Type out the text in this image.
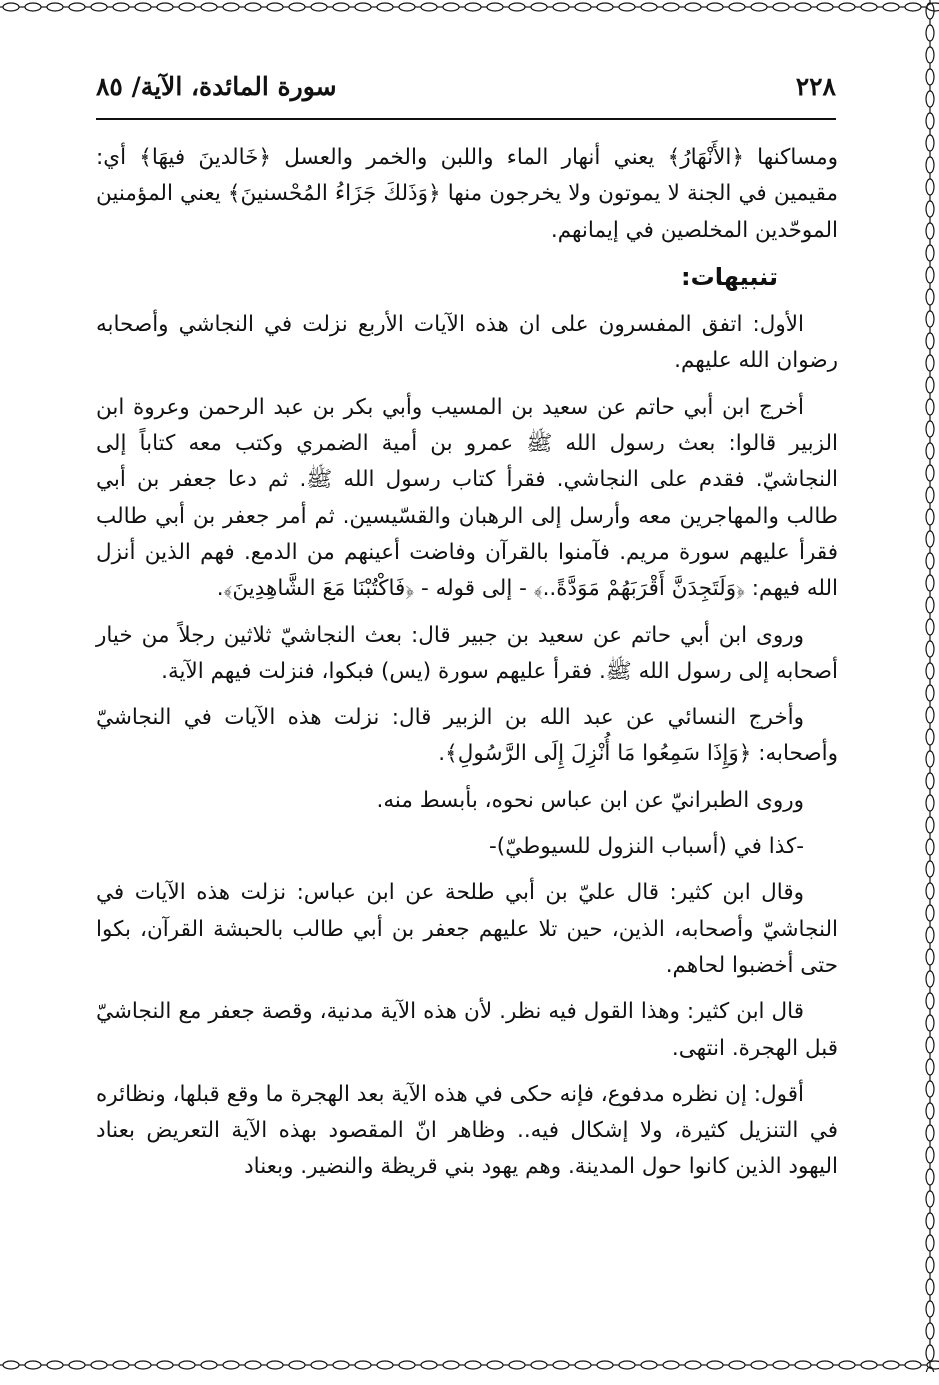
٢٢٨
سورة المائدة، الآية/ ٨٥

ومساكنها ﴿الأَنْهَارُ﴾ يعني أنهار الماء واللبن والخمر والعسل ﴿خَالدينَ فيهَا﴾ أي: مقيمين في الجنة لا يموتون ولا يخرجون منها ﴿وَذَلكَ جَزَاءُ المُحْسنينَ﴾ يعني المؤمنين الموحّدين المخلصين في إيمانهم.

تنبيهات:

الأول: اتفق المفسرون على ان هذه الآيات الأربع نزلت في النجاشي وأصحابه رضوان الله عليهم.

أخرج ابن أبي حاتم عن سعيد بن المسيب وأبي بكر بن عبد الرحمن وعروة ابن الزبير قالوا: بعث رسول الله ﷺ عمرو بن أمية الضمري وكتب معه كتاباً إلى النجاشيّ. فقدم على النجاشي. فقرأ كتاب رسول الله ﷺ. ثم دعا جعفر بن أبي طالب والمهاجرين معه وأرسل إلى الرهبان والقسّيسين. ثم أمر جعفر بن أبي طالب فقرأ عليهم سورة مريم. فآمنوا بالقرآن وفاضت أعينهم من الدمع. فهم الذين أنزل الله فيهم: ﴿وَلَتَجِدَنَّ أَقْرَبَهُمْ مَوَدَّةً..﴾ - إلى قوله - ﴿فَاكْتُبْنَا مَعَ الشَّاهِدِينَ﴾.

وروى ابن أبي حاتم عن سعيد بن جبير قال: بعث النجاشيّ ثلاثين رجلاً من خيار أصحابه إلى رسول الله ﷺ. فقرأ عليهم سورة (يس) فبكوا، فنزلت فيهم الآية.

وأخرج النسائي عن عبد الله بن الزبير قال: نزلت هذه الآيات في النجاشيّ وأصحابه: ﴿وَإِذَا سَمِعُوا مَا أُنْزِلَ إِلَى الرَّسُولِ﴾.

وروى الطبرانيّ عن ابن عباس نحوه، بأبسط منه.

-كذا في (أسباب النزول للسيوطيّ)-

وقال ابن كثير: قال عليّ بن أبي طلحة عن ابن عباس: نزلت هذه الآيات في النجاشيّ وأصحابه، الذين، حين تلا عليهم جعفر بن أبي طالب بالحبشة القرآن، بكوا حتى أخضبوا لحاهم.

قال ابن كثير: وهذا القول فيه نظر. لأن هذه الآية مدنية، وقصة جعفر مع النجاشيّ قبل الهجرة. انتهى.

أقول: إن نظره مدفوع، فإنه حكى في هذه الآية بعد الهجرة ما وقع قبلها، ونظائره في التنزيل كثيرة، ولا إشكال فيه.. وظاهر انّ المقصود بهذه الآية التعريض بعناد اليهود الذين كانوا حول المدينة. وهم يهود بني قريظة والنضير. وبعناد
